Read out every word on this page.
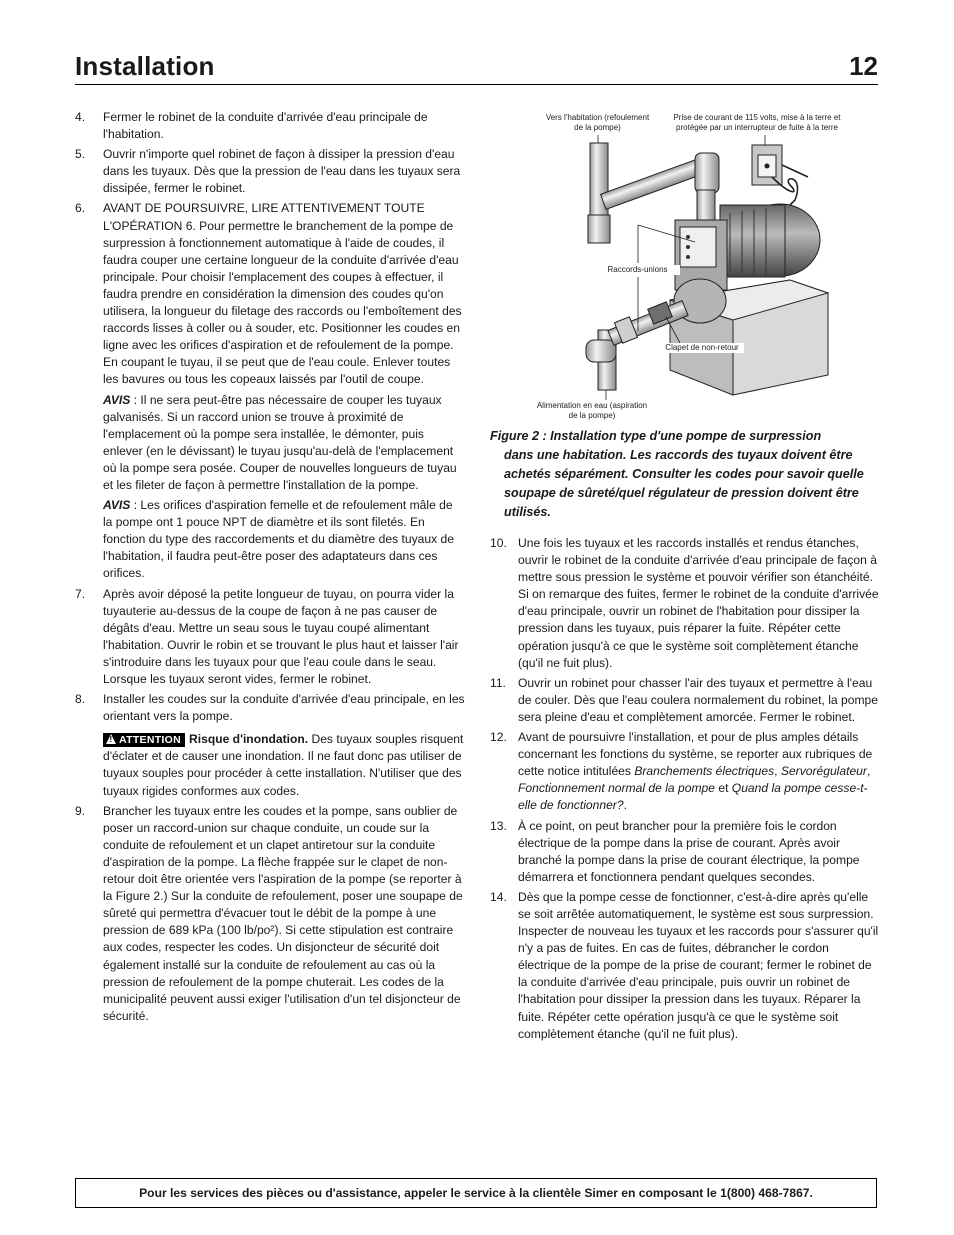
Installation	12
4. Fermer le robinet de la conduite d'arrivée d'eau principale de l'habitation.
5. Ouvrir n'importe quel robinet de façon à dissiper la pression d'eau dans les tuyaux. Dès que la pression de l'eau dans les tuyaux sera dissipée, fermer le robinet.
6. AVANT DE POURSUIVRE, LIRE ATTENTIVEMENT TOUTE L'OPÉRATION 6. Pour permettre le branchement de la pompe de surpression à fonctionnement automatique à l'aide de coudes, il faudra couper une certaine longueur de la conduite d'arrivée d'eau principale. Pour choisir l'emplacement des coupes à effectuer, il faudra prendre en considération la dimension des coudes qu'on utilisera, la longueur du filetage des raccords ou l'emboîtement des raccords lisses à coller ou à souder, etc. Positionner les coudes en ligne avec les orifices d'aspiration et de refoulement de la pompe. En coupant le tuyau, il se peut que de l'eau coule. Enlever toutes les bavures ou tous les copeaux laissés par l'outil de coupe.

AVIS : Il ne sera peut-être pas nécessaire de couper les tuyaux galvanisés. Si un raccord union se trouve à proximité de l'emplacement où la pompe sera installée, le démonter, puis enlever (en le dévissant) le tuyau jusqu'au-delà de l'emplacement où la pompe sera posée. Couper de nouvelles longueurs de tuyau et les fileter de façon à permettre l'installation de la pompe.

AVIS : Les orifices d'aspiration femelle et de refoulement mâle de la pompe ont 1 pouce NPT de diamètre et ils sont filetés. En fonction du type des raccordements et du diamètre des tuyaux de l'habitation, il faudra peut-être poser des adaptateurs dans ces orifices.

7. Après avoir déposé la petite longueur de tuyau, on pourra vider la tuyauterie au-dessus de la coupe de façon à ne pas causer de dégâts d'eau. Mettre un seau sous le tuyau coupé alimentant l'habitation. Ouvrir le robin et se trouvant le plus haut et laisser l'air s'introduire dans les tuyaux pour que l'eau coule dans le seau. Lorsque les tuyaux seront vides, fermer le robinet.
8. Installer les coudes sur la conduite d'arrivée d'eau principale, en les orientant vers la pompe.

! ATTENTION Risque d'inondation. Des tuyaux souples risquent d'éclater et de causer une inondation. Il ne faut donc pas utiliser de tuyaux souples pour procéder à cette installation. N'utiliser que des tuyaux rigides conformes aux codes.

9. Brancher les tuyaux entre les coudes et la pompe, sans oublier de poser un raccord-union sur chaque conduite, un coude sur la conduite de refoulement et un clapet antiretour sur la conduite d'aspiration de la pompe. La flèche frappée sur le clapet de non-retour doit être orientée vers l'aspiration de la pompe (se reporter à la Figure 2.) Sur la conduite de refoulement, poser une soupape de sûreté qui permettra d'évacuer tout le débit de la pompe à une pression de 689 kPa (100 lb/po²). Si cette stipulation est contraire aux codes, respecter les codes. Un disjoncteur de sécurité doit également installé sur la conduite de refoulement au cas où la pression de refoulement de la pompe chuterait. Les codes de la municipalité peuvent aussi exiger l'utilisation d'un tel disjoncteur de sécurité.
Vers l'habitation (refoulement de la pompe)
Prise de courant de 115 volts, mise à la terre et protégée par un interrupteur de fuite à la terre
Raccords-unions
Clapet de non-retour
Alimentation en eau (aspiration de la pompe)
Figure 2 : Installation type d'une pompe de surpression
dans une habitation. Les raccords des tuyaux doivent être achetés séparément. Consulter les codes pour savoir quelle soupape de sûreté/quel régulateur de pression doivent être utilisés.
10. Une fois les tuyaux et les raccords installés et rendus étanches, ouvrir le robinet de la conduite d'arrivée d'eau principale de façon à mettre sous pression le système et pouvoir vérifier son étanchéité. Si on remarque des fuites, fermer le robinet de la conduite d'arrivée d'eau principale, ouvrir un robinet de l'habitation pour dissiper la pression dans les tuyaux, puis réparer la fuite. Répéter cette opération jusqu'à ce que le système soit complètement étanche (qu'il ne fuit plus).
11. Ouvrir un robinet pour chasser l'air des tuyaux et permettre à l'eau de couler. Dès que l'eau coulera normalement du robinet, la pompe sera pleine d'eau et complètement amorcée. Fermer le robinet.
12. Avant de poursuivre l'installation, et pour de plus amples détails concernant les fonctions du système, se reporter aux rubriques de cette notice intitulées Branchements électriques, Servorégulateur, Fonctionnement normal de la pompe et Quand la pompe cesse-t-elle de fonctionner?.
13. À ce point, on peut brancher pour la première fois le cordon électrique de la pompe dans la prise de courant. Après avoir branché la pompe dans la prise de courant électrique, la pompe démarrera et fonctionnera pendant quelques secondes.
14. Dès que la pompe cesse de fonctionner, c'est-à-dire après qu'elle se soit arrêtée automatiquement, le système est sous surpression. Inspecter de nouveau les tuyaux et les raccords pour s'assurer qu'il n'y a pas de fuites. En cas de fuites, débrancher le cordon électrique de la pompe de la prise de courant; fermer le robinet de la conduite d'arrivée d'eau principale, puis ouvrir un robinet de l'habitation pour dissiper la pression dans les tuyaux. Réparer la fuite. Répéter cette opération jusqu'à ce que le système soit complètement étanche (qu'il ne fuit plus).
Pour les services des pièces ou d'assistance, appeler le service à la clientèle Simer en composant le 1(800) 468-7867.
